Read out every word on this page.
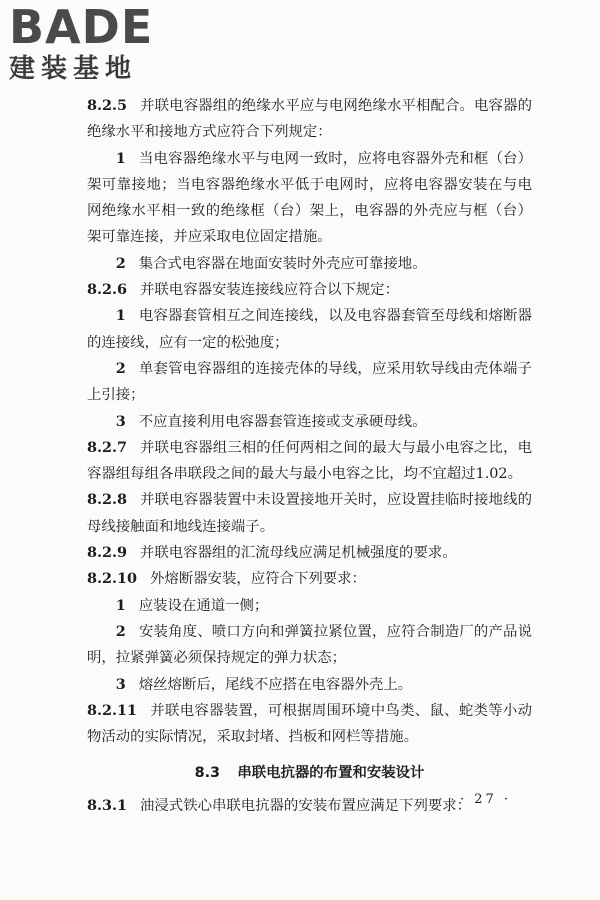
BADE
建装基地

8.2.5 并联电容器组的绝缘水平应与电网绝缘水平相配合。电容器的绝缘水平和接地方式应符合下列规定：

1 当电容器绝缘水平与电网一致时，应将电容器外壳和框（台）架可靠接地；当电容器绝缘水平低于电网时，应将电容器安装在与电网绝缘水平相一致的绝缘框（台）架上，电容器的外壳应与框（台）架可靠连接，并应采取电位固定措施。

2 集合式电容器在地面安装时外壳应可靠接地。

8.2.6 并联电容器安装连接线应符合以下规定：

1 电容器套管相互之间连接线，以及电容器套管至母线和熔断器的连接线，应有一定的松弛度；

2 单套管电容器组的连接壳体的导线，应采用软导线由壳体端子上引接；

3 不应直接利用电容器套管连接或支承硬母线。

8.2.7 并联电容器组三相的任何两相之间的最大与最小电容之比，电容器组每组各串联段之间的最大与最小电容之比，均不宜超过1.02。

8.2.8 并联电容器装置中未设置接地开关时，应设置挂临时接地线的母线接触面和地线连接端子。

8.2.9 并联电容器组的汇流母线应满足机械强度的要求。

8.2.10 外熔断器安装，应符合下列要求：

1 应装设在通道一侧；

2 安装角度、喷口方向和弹簧拉紧位置，应符合制造厂的产品说明，拉紧弹簧必须保持规定的弹力状态；

3 熔丝熔断后，尾线不应搭在电容器外壳上。

8.2.11 并联电容器装置，可根据周围环境中鸟类、鼠、蛇类等小动物活动的实际情况，采取封堵、挡板和网栏等措施。

8.3 串联电抗器的布置和安装设计

8.3.1 油浸式铁心串联电抗器的安装布置应满足下列要求：

· 27 ·
